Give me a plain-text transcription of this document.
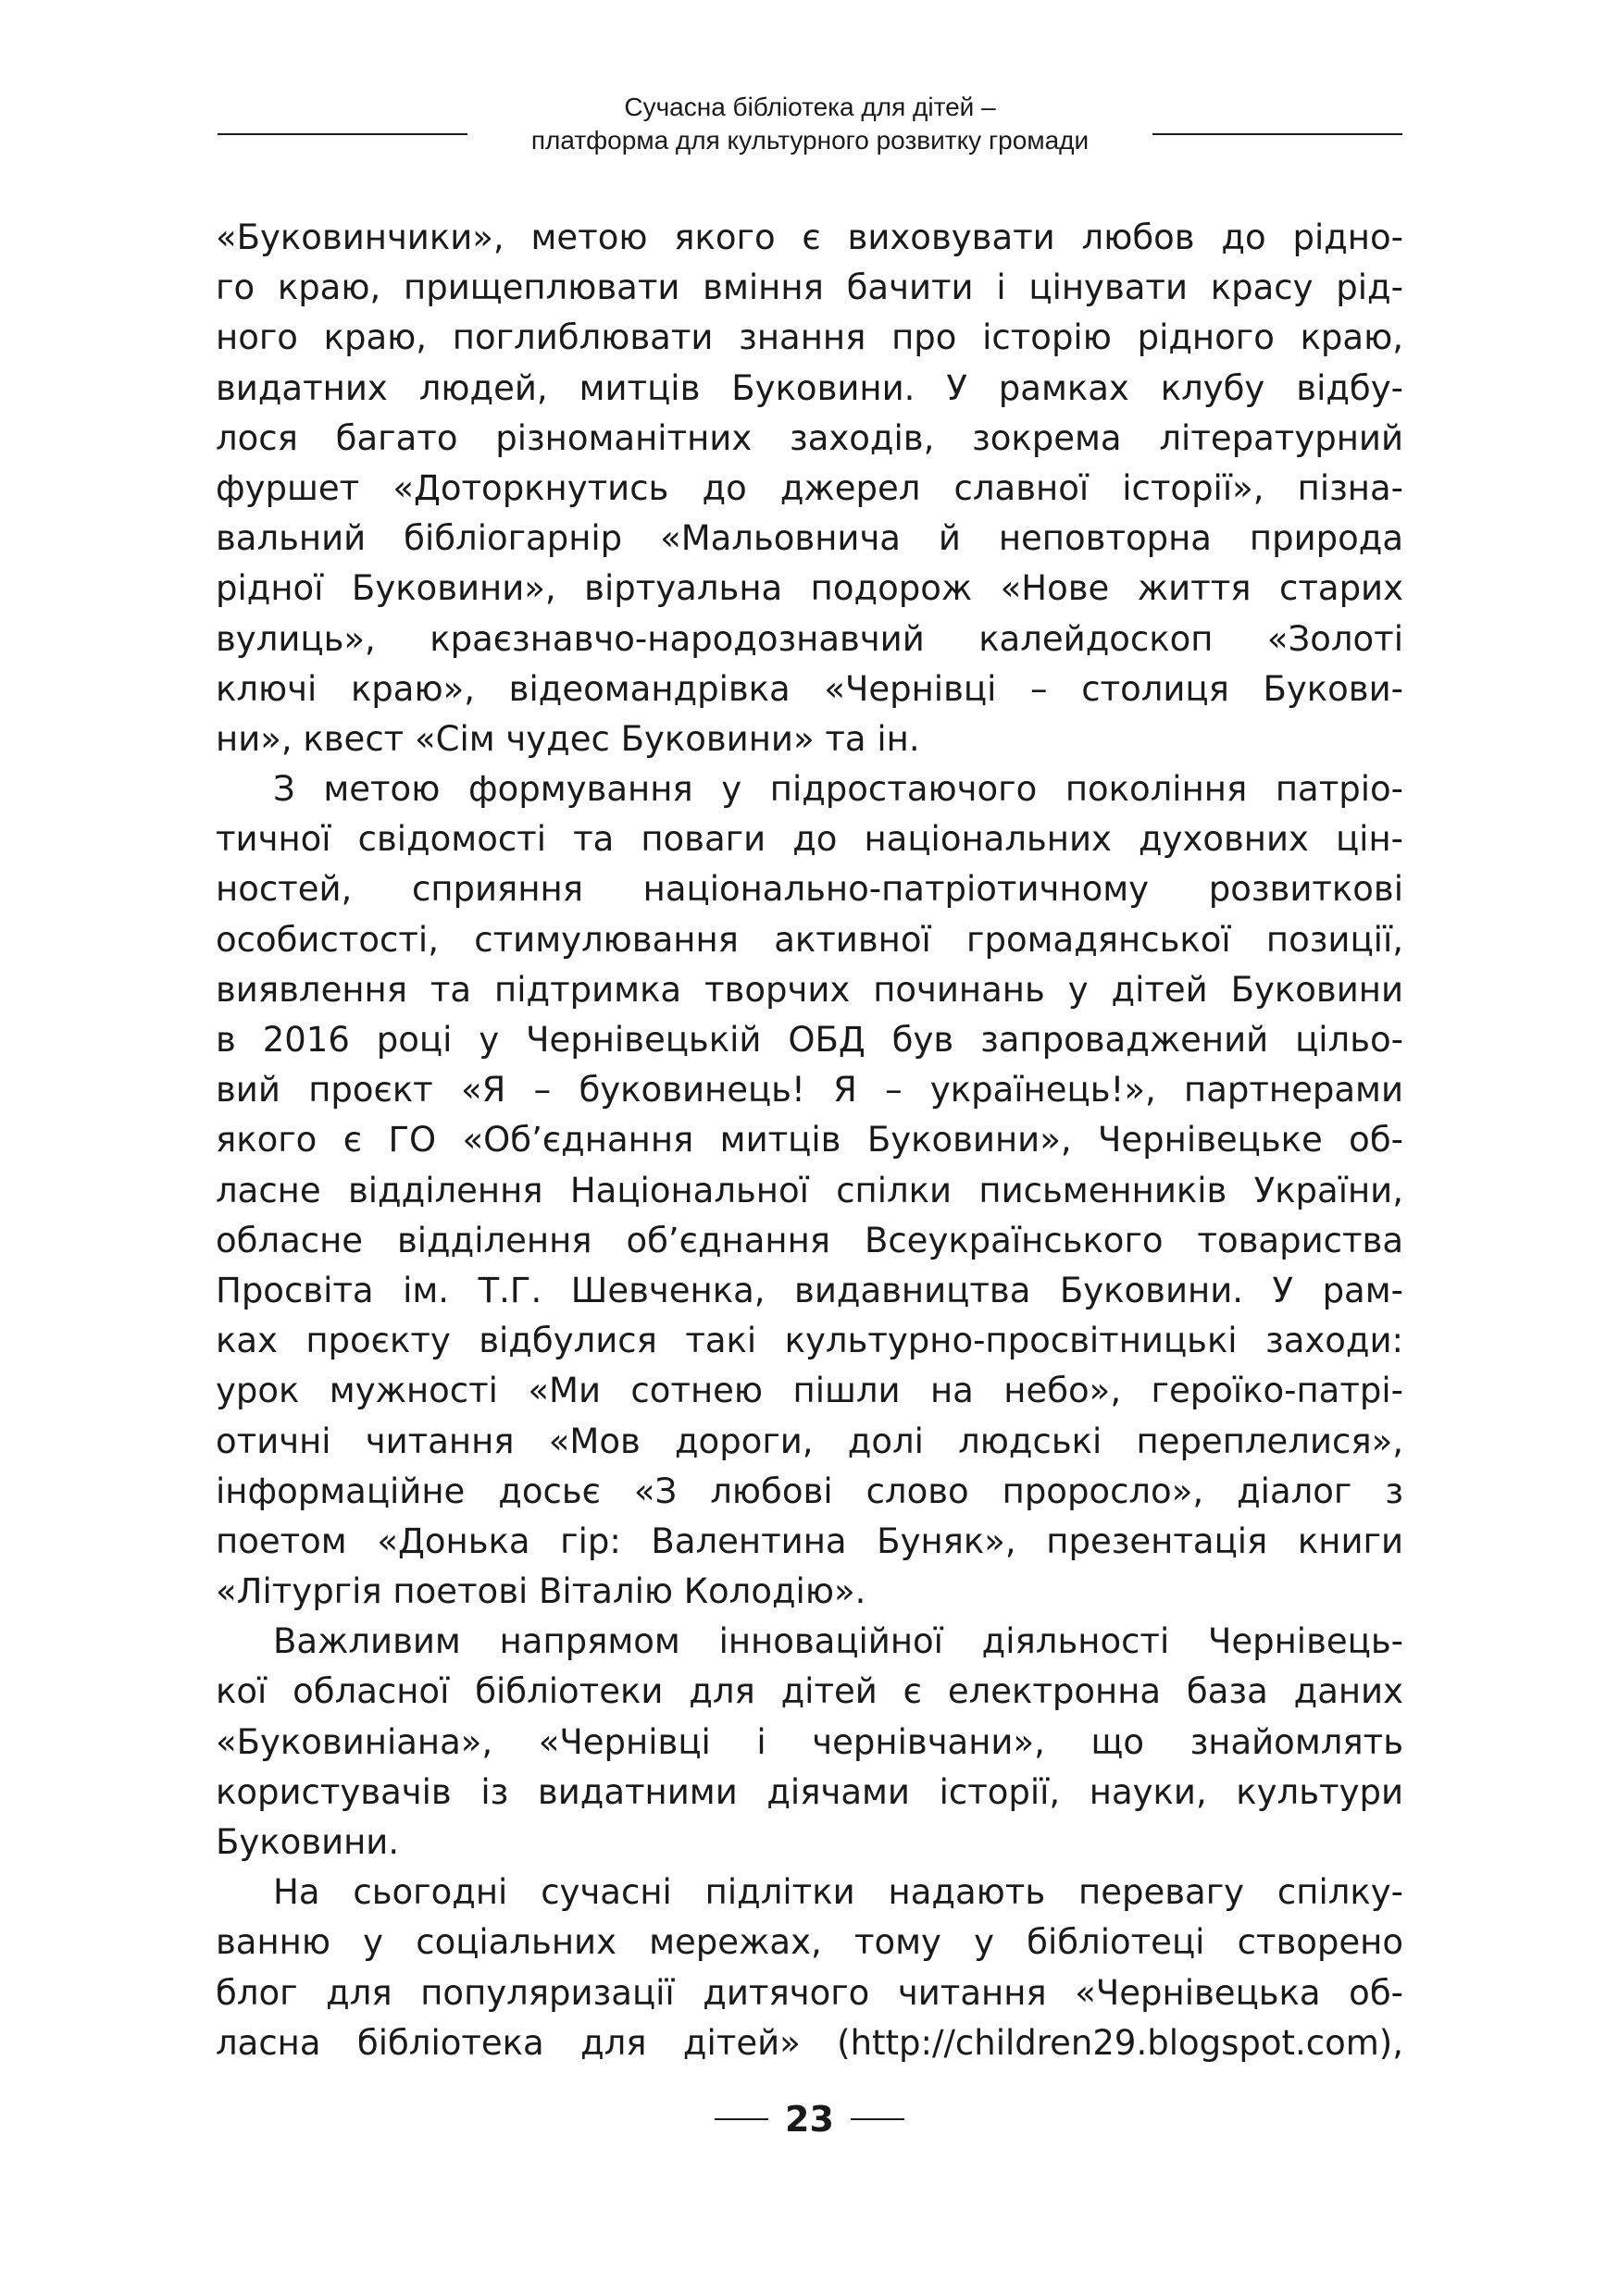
Сучасна бібліотека для дітей –
платформа для культурного розвитку громади
«Буковинчики», метою якого є виховувати любов до рідно-
го краю, прищеплювати вміння бачити і цінувати красу рід-
ного краю, поглиблювати знання про історію рідного краю,
видатних людей, митців Буковини. У рамках клубу відбу-
лося багато різноманітних заходів, зокрема літературний
фуршет «Доторкнутись до джерел славної історії», пізна-
вальний бібліогарнір «Мальовнича й неповторна природа
рідної Буковини», віртуальна подорож «Нове життя старих
вулиць», краєзнавчо-народознавчий калейдоскоп «Золоті
ключі краю», відеомандрівка «Чернівці – столиця Букови-
ни», квест «Сім чудес Буковини» та ін.
З метою формування у підростаючого покоління патріо-
тичної свідомості та поваги до національних духовних цін-
ностей, сприяння національно-патріотичному розвиткові
особистості, стимулювання активної громадянської позиції,
виявлення та підтримка творчих починань у дітей Буковини
в 2016 році у Чернівецькій ОБД був запроваджений цільо-
вий проєкт «Я – буковинець! Я – українець!», партнерами
якого є ГО «Об’єднання митців Буковини», Чернівецьке об-
ласне відділення Національної спілки письменників України,
обласне відділення об’єднання Всеукраїнського товариства
Просвіта ім. Т.Г. Шевченка, видавництва Буковини. У рам-
ках проєкту відбулися такі культурно-просвітницькі заходи:
урок мужності «Ми сотнею пішли на небо», героїко-патрі-
отичні читання «Мов дороги, долі людські переплелися»,
інформаційне досьє «З любові слово проросло», діалог з
поетом «Донька гір: Валентина Буняк», презентація книги
«Літургія поетові Віталію Колодію».
Важливим напрямом інноваційної діяльності Чернівець-
кої обласної бібліотеки для дітей є електронна база даних
«Буковиніана», «Чернівці і чернівчани», що знайомлять
користувачів із видатними діячами історії, науки, культури
Буковини.
На сьогодні сучасні підлітки надають перевагу спілку-
ванню у соціальних мережах, тому у бібліотеці створено
блог для популяризації дитячого читання «Чернівецька об-
ласна бібліотека для дітей» (http://children29.blogspot.com),
23
